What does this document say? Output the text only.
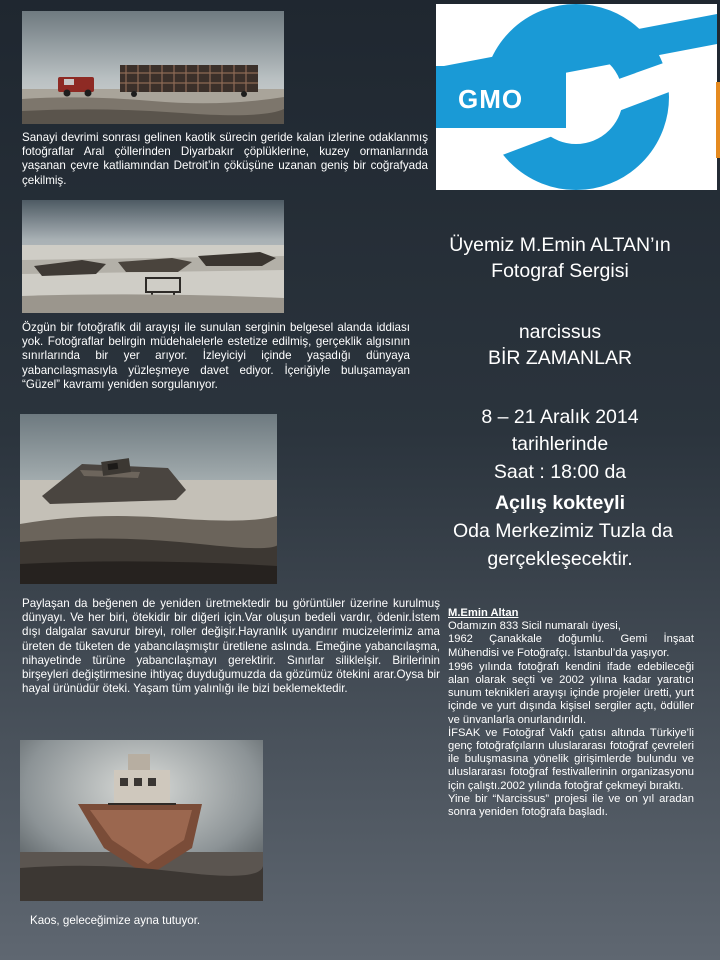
Sanayi devrimi sonrası gelinen kaotik sürecin geride kalan izlerine odaklanmış fotoğraflar Aral çöllerinden Diyarbakır çöplüklerine, kuzey ormanlarında yaşanan çevre katliamından Detroit’in çöküşüne uzanan geniş bir coğrafyada çekilmiş.
Özgün bir fotoğrafik dil arayışı ile sunulan serginin belgesel alanda iddiası yok. Fotoğraflar belirgin müdehalelerle estetize edilmiş, gerçeklik algısının sınırlarında bir yer arıyor. İzleyiciyi içinde yaşadığı dünyaya yabancılaşmasıyla yüzleşmeye davet ediyor. İçeriğiyle buluşamayan “Güzel” kavramı yeniden sorgulanıyor.
Paylaşan da beğenen de yeniden üretmektedir bu görüntüler üzerine kurulmuş dünyayı. Ve her biri, ötekidir bir diğeri için.Var oluşun bedeli vardır, ödenir.İstem dışı dalgalar savurur bireyi, roller değişir.Hayranlık uyandırır mucizelerimiz ama üreten de tüketen de yabancılaşmıştır üretilene aslında. Emeğine yabancılaşma, nihayetinde türüne yabancılaşmayı gerektirir. Sınırlar siliklelşir. Birilerinin birşeyleri değiştirmesine ihtiyaç duyduğumuzda da gözümüz ötekini arar.Oysa bir hayal ürünüdür öteki. Yaşam tüm yalınlığı ile bizi beklemektedir.
Kaos, geleceğimize ayna tutuyor.
GMO
Üyemiz M.Emin ALTAN’ın
Fotograf Sergisi
narcissus
BİR ZAMANLAR
8 – 21 Aralık 2014
tarihlerinde
Saat : 18:00 da
Açılış kokteyli
Oda Merkezimiz Tuzla da
gerçekleşecektir.
M.Emin Altan
Odamızın 833 Sicil numaralı üyesi,
1962 Çanakkale doğumlu. Gemi İnşaat Mühendisi ve Fotoğrafçı. İstanbul’da yaşıyor.
1996 yılında fotoğrafı kendini ifade edebileceği alan olarak seçti ve 2002 yılına kadar yaratıcı sunum teknikleri arayışı içinde projeler üretti, yurt içinde ve yurt dışında kişisel sergiler açtı, ödüller ve ünvanlarla onurlandırıldı.
İFSAK ve Fotoğraf Vakfı çatısı altında Türkiye’li genç fotoğrafçıların uluslararası fotoğraf çevreleri ile buluşmasına yönelik girişimlerde bulundu ve uluslararası fotoğraf festivallerinin organizasyonu için çalıştı.2002 yılında fotoğraf çekmeyi bıraktı.
Yine bir “Narcissus” projesi ile ve on yıl aradan sonra yeniden fotoğrafa başladı.
